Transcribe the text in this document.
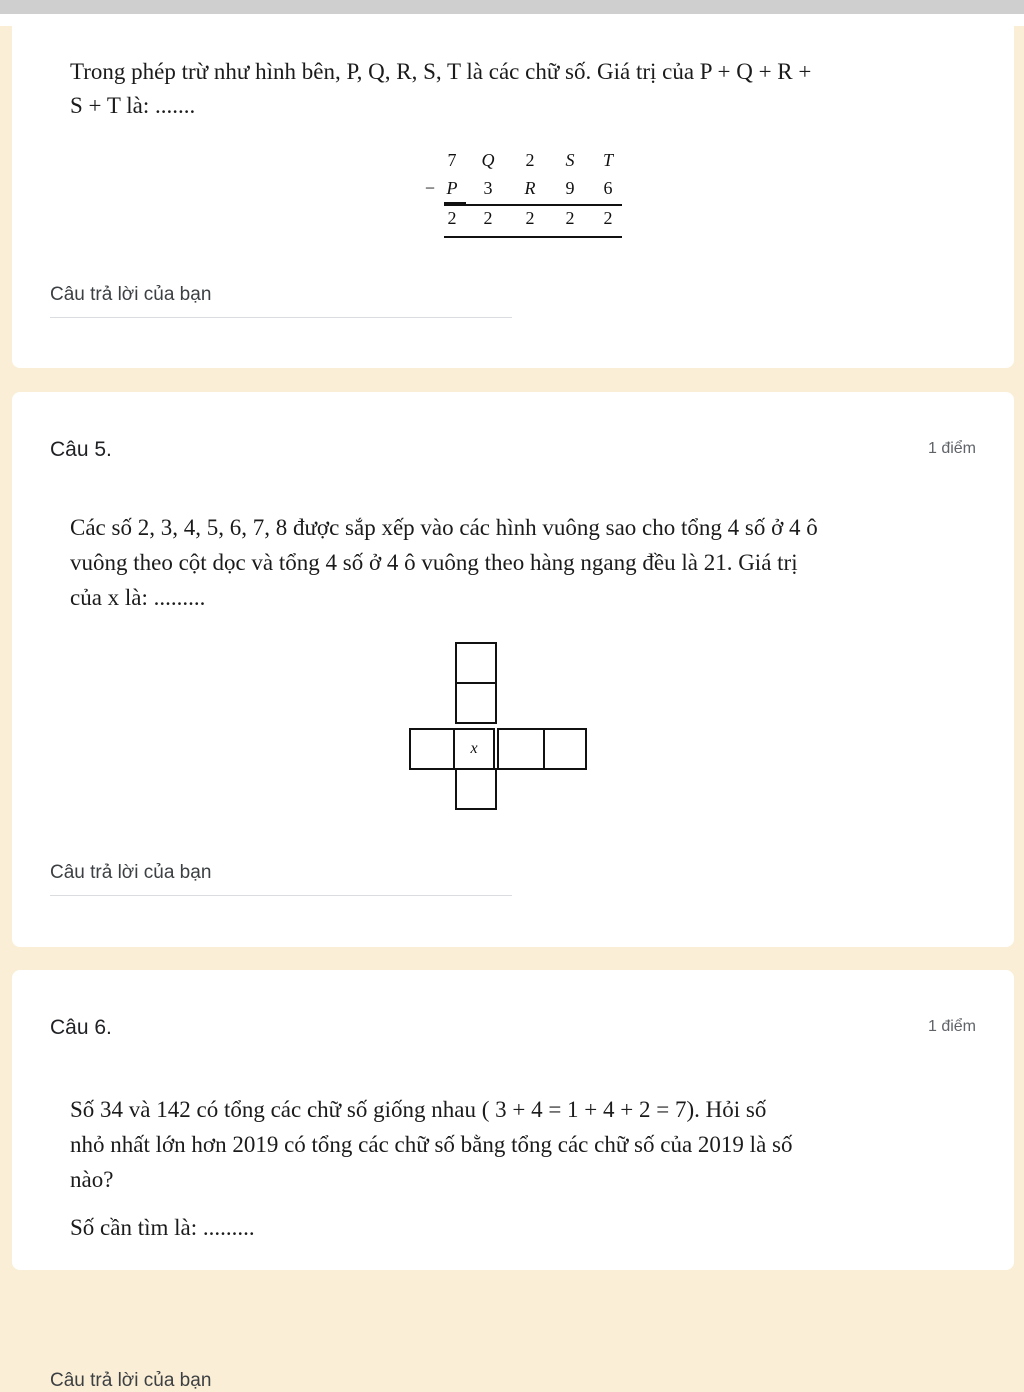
Trong phép trừ như hình bên, P, Q, R, S, T là các chữ số. Giá trị của P + Q + R +
S + T là: .......
7	Q	2	S	T
− P	3	R	9	6
2	2	2	2	2
Câu trả lời của bạn
Câu 5.	1 điểm
Các số 2, 3, 4, 5, 6, 7, 8 được sắp xếp vào các hình vuông sao cho tổng 4 số ở 4 ô
vuông theo cột dọc và tổng 4 số ở 4 ô vuông theo hàng ngang đều là 21. Giá trị
của x là: .........
x
Câu trả lời của bạn
Câu 6.	1 điểm
Số 34 và 142 có tổng các chữ số giống nhau ( 3 + 4 = 1 + 4 + 2 = 7). Hỏi số
nhỏ nhất lớn hơn 2019 có tổng các chữ số bằng tổng các chữ số của 2019 là số
nào?
Số cần tìm là: .........
Câu trả lời của bạn
